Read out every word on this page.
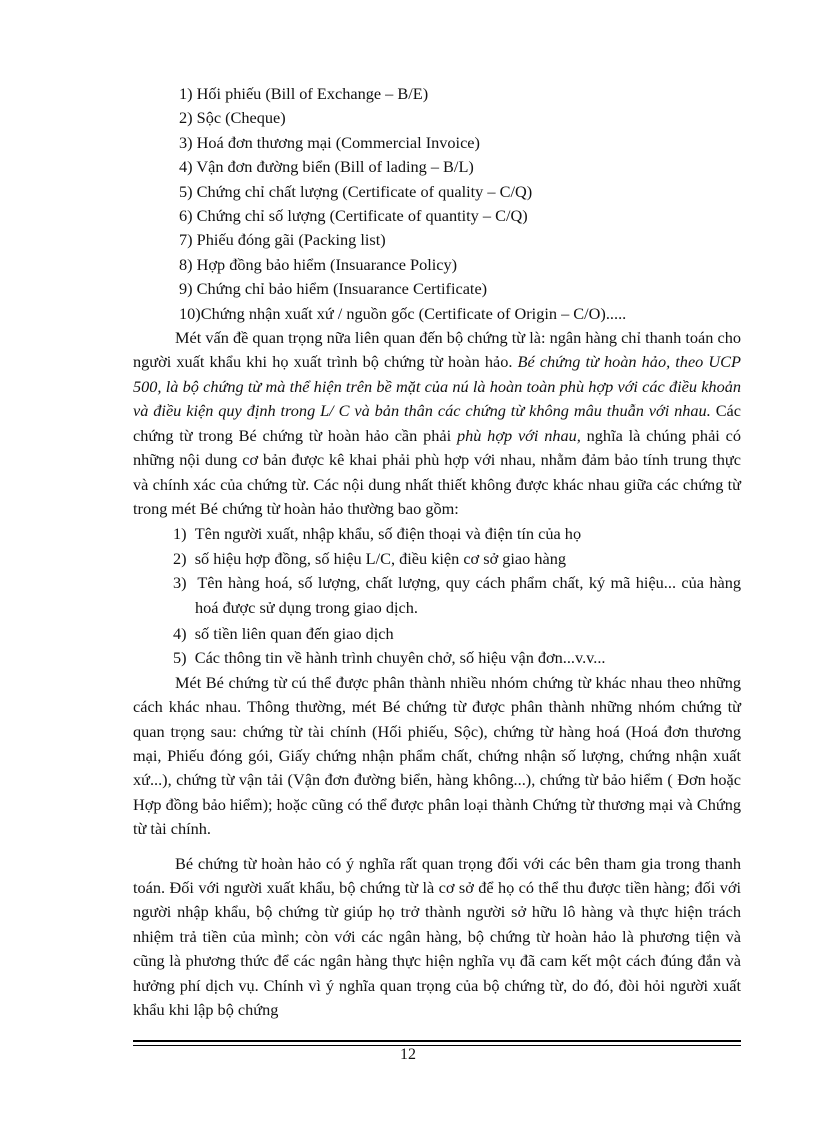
1) Hối phiếu (Bill of Exchange – B/E)
2) Sộc (Cheque)
3) Hoá đơn thương mại (Commercial Invoice)
4) Vận đơn đường biển (Bill of lading – B/L)
5) Chứng chỉ chất lượng (Certificate of quality – C/Q)
6) Chứng chỉ số lượng (Certificate of quantity – C/Q)
7) Phiếu đóng gãi (Packing list)
8) Hợp đồng bảo hiểm (Insuarance Policy)
9) Chứng chỉ bảo hiểm (Insuarance Certificate)
10)Chứng nhận xuất xứ / nguồn gốc (Certificate of Origin – C/O).....

Mét vấn đề quan trọng nữa liên quan đến bộ chứng từ là: ngân hàng chỉ thanh toán cho người xuất khẩu khi họ xuất trình bộ chứng từ hoàn hảo. Bé chứng từ hoàn hảo, theo UCP 500, là bộ chứng từ mà thể hiện trên bề mặt của nú là hoàn toàn phù hợp với các điều khoản và điều kiện quy định trong L/ C và bản thân các chứng từ không mâu thuẫn với nhau. Các chứng từ trong Bé chứng từ hoàn hảo cần phải phù hợp với nhau, nghĩa là chúng phải có những nội dung cơ bản được kê khai phải phù hợp với nhau, nhằm đảm bảo tính trung thực và chính xác của chứng từ. Các nội dung nhất thiết không được khác nhau giữa các chứng từ trong mét Bé chứng từ hoàn hảo thường bao gồm:

1) Tên người xuất, nhập khẩu, số điện thoại và điện tín của họ
2) số hiệu hợp đồng, số hiệu L/C, điều kiện cơ sở giao hàng
3) Tên hàng hoá, số lượng, chất lượng, quy cách phẩm chất, ký mã hiệu... của hàng hoá được sử dụng trong giao dịch.
4) số tiền liên quan đến giao dịch
5) Các thông tin về hành trình chuyên chở, số hiệu vận đơn...v.v...

Mét Bé chứng từ cú thể được phân thành nhiều nhóm chứng từ khác nhau theo những cách khác nhau. Thông thường, mét Bé chứng từ được phân thành những nhóm chứng từ quan trọng sau: chứng từ tài chính (Hối phiếu, Sộc), chứng từ hàng hoá (Hoá đơn thương mại, Phiếu đóng gói, Giấy chứng nhận phẩm chất, chứng nhận số lượng, chứng nhận xuất xứ...), chứng từ vận tải (Vận đơn đường biển, hàng không...), chứng từ bảo hiểm ( Đơn hoặc Hợp đồng bảo hiểm); hoặc cũng có thể được phân loại thành Chứng từ thương mại và Chứng từ tài chính.

Bé chứng từ hoàn hảo có ý nghĩa rất quan trọng đối với các bên tham gia trong thanh toán. Đối với người xuất khẩu, bộ chứng từ là cơ sở để họ có thể thu được tiền hàng; đối với người nhập khẩu, bộ chứng từ giúp họ trở thành người sở hữu lô hàng và thực hiện trách nhiệm trả tiền của mình; còn với các ngân hàng, bộ chứng từ hoàn hảo là phương tiện và cũng là phương thức để các ngân hàng thực hiện nghĩa vụ đã cam kết một cách đúng đắn và hưởng phí dịch vụ. Chính vì ý nghĩa quan trọng của bộ chứng từ, do đó, đòi hỏi người xuất khẩu khi lập bộ chứng

12
